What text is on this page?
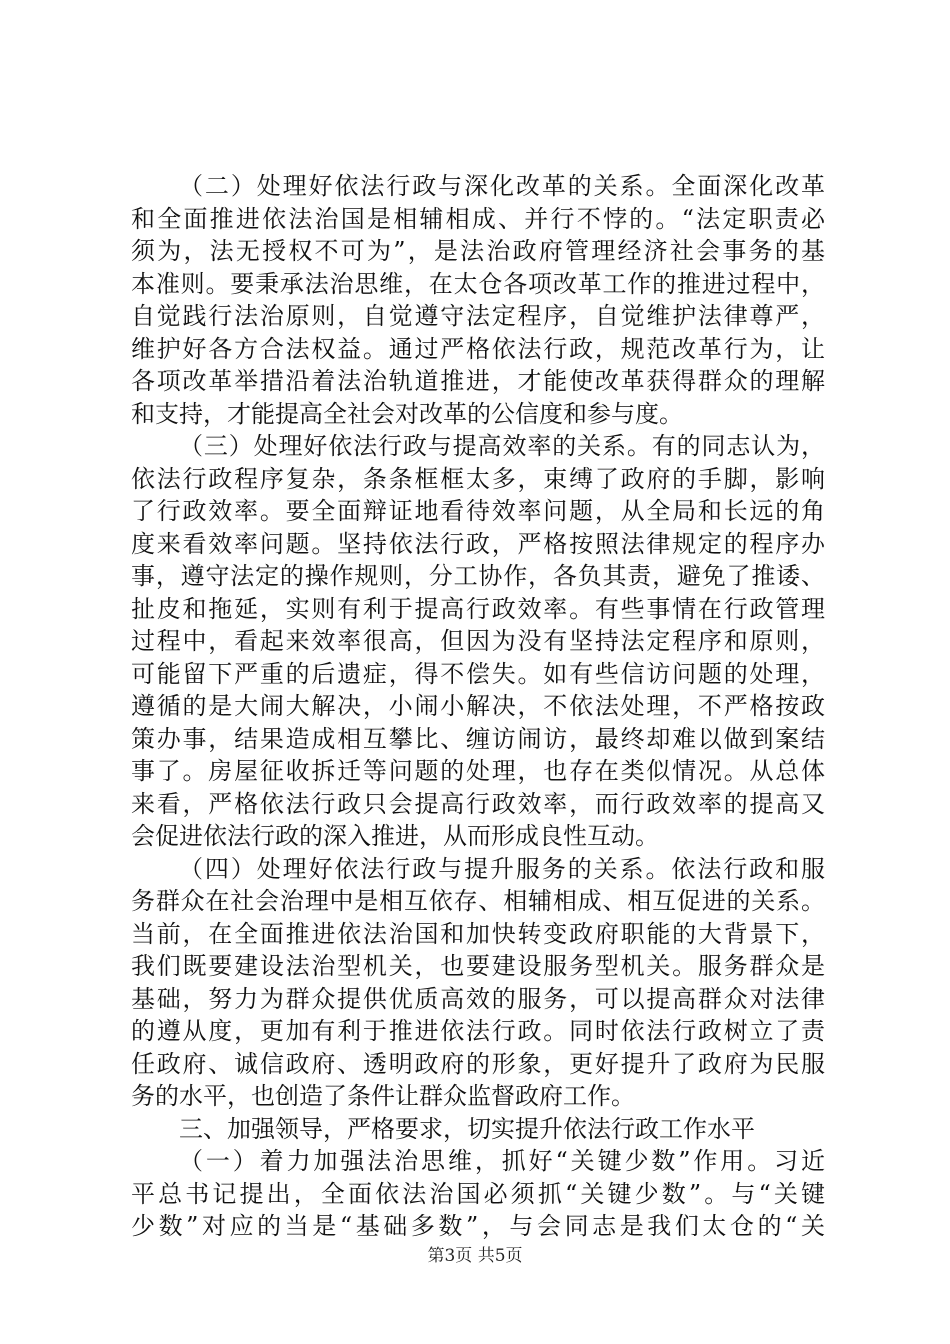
（二）处理好依法行政与深化改革的关系。全面深化改革
和全面推进依法治国是相辅相成、并行不悖的。“法定职责必
须为，法无授权不可为”，是法治政府管理经济社会事务的基
本准则。要秉承法治思维，在太仓各项改革工作的推进过程中，
自觉践行法治原则，自觉遵守法定程序，自觉维护法律尊严，
维护好各方合法权益。通过严格依法行政，规范改革行为，让
各项改革举措沿着法治轨道推进，才能使改革获得群众的理解
和支持，才能提高全社会对改革的公信度和参与度。
（三）处理好依法行政与提高效率的关系。有的同志认为，
依法行政程序复杂，条条框框太多，束缚了政府的手脚，影响
了行政效率。要全面辩证地看待效率问题，从全局和长远的角
度来看效率问题。坚持依法行政，严格按照法律规定的程序办
事，遵守法定的操作规则，分工协作，各负其责，避免了推诿、
扯皮和拖延，实则有利于提高行政效率。有些事情在行政管理
过程中，看起来效率很高，但因为没有坚持法定程序和原则，
可能留下严重的后遗症，得不偿失。如有些信访问题的处理，
遵循的是大闹大解决，小闹小解决，不依法处理，不严格按政
策办事，结果造成相互攀比、缠访闹访，最终却难以做到案结
事了。房屋征收拆迁等问题的处理，也存在类似情况。从总体
来看，严格依法行政只会提高行政效率，而行政效率的提高又
会促进依法行政的深入推进，从而形成良性互动。
（四）处理好依法行政与提升服务的关系。依法行政和服
务群众在社会治理中是相互依存、相辅相成、相互促进的关系。
当前，在全面推进依法治国和加快转变政府职能的大背景下，
我们既要建设法治型机关，也要建设服务型机关。服务群众是
基础，努力为群众提供优质高效的服务，可以提高群众对法律
的遵从度，更加有利于推进依法行政。同时依法行政树立了责
任政府、诚信政府、透明政府的形象，更好提升了政府为民服
务的水平，也创造了条件让群众监督政府工作。
三、加强领导，严格要求，切实提升依法行政工作水平
（一）着力加强法治思维，抓好“关键少数”作用。习近
平总书记提出，全面依法治国必须抓“关键少数”。与“关键
少数”对应的当是“基础多数”，与会同志是我们太仓的“关
第3页 共5页
